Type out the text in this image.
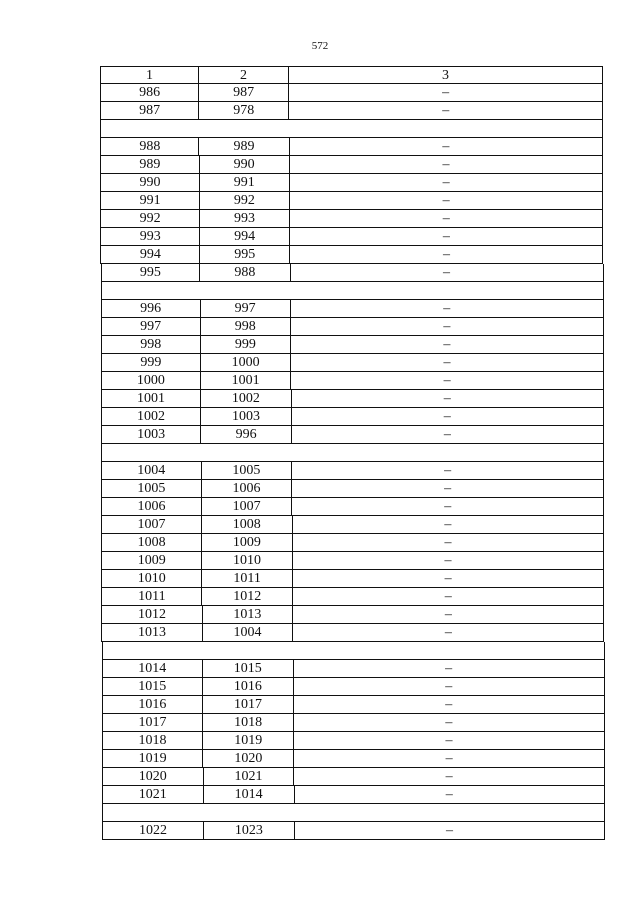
572
1	2	3
986	987	–
987	978	–
988	989	–
989	990	–
990	991	–
991	992	–
992	993	–
993	994	–
994	995	–
995	988	–
996	997	–
997	998	–
998	999	–
999	1000	–
1000	1001	–
1001	1002	–
1002	1003	–
1003	996	–
1004	1005	–
1005	1006	–
1006	1007	–
1007	1008	–
1008	1009	–
1009	1010	–
1010	1011	–
1011	1012	–
1012	1013	–
1013	1004	–
1014	1015	–
1015	1016	–
1016	1017	–
1017	1018	–
1018	1019	–
1019	1020	–
1020	1021	–
1021	1014	–
1022	1023	–
